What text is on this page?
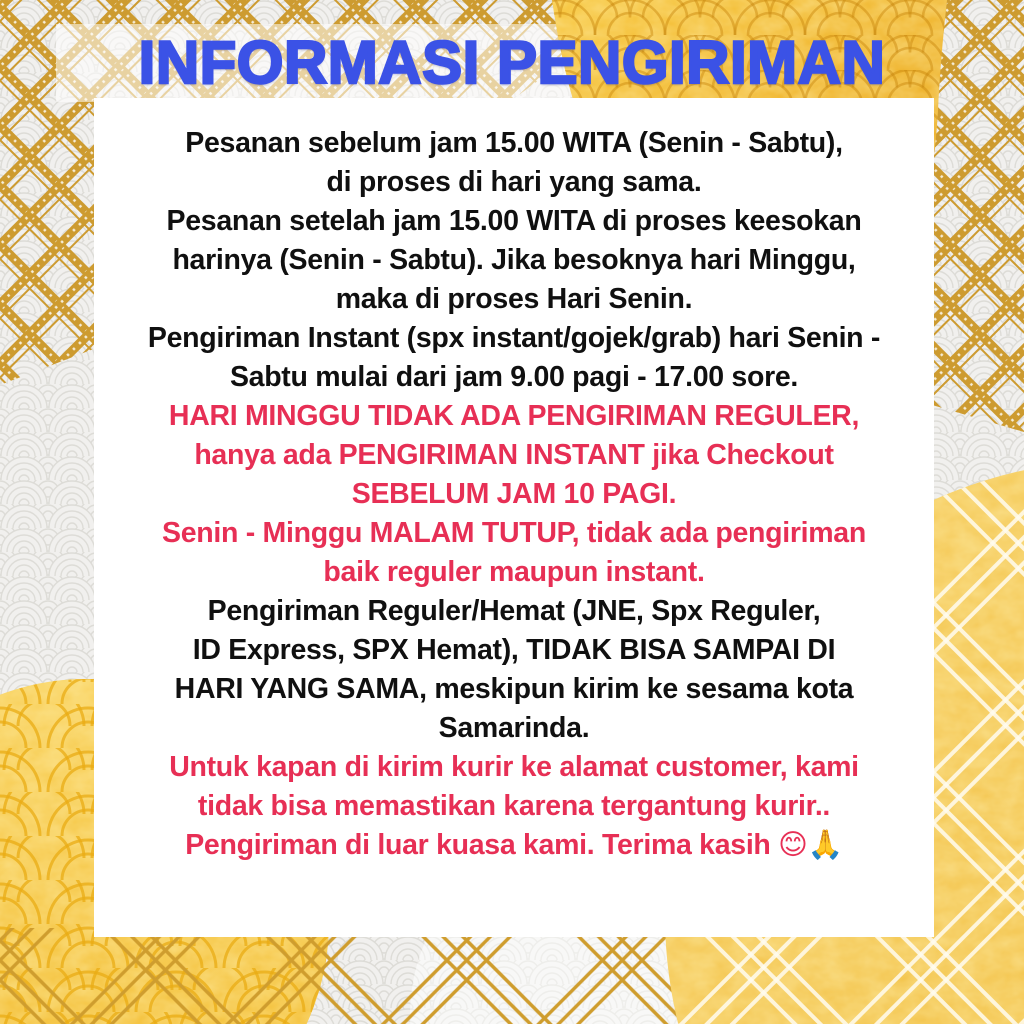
INFORMASI PENGIRIMAN

Pesanan sebelum jam 15.00 WITA (Senin - Sabtu),
di proses di hari yang sama.
Pesanan setelah jam 15.00 WITA di proses keesokan
harinya (Senin - Sabtu). Jika besoknya hari Minggu,
maka di proses Hari Senin.
Pengiriman Instant (spx instant/gojek/grab) hari Senin -
Sabtu mulai dari jam 9.00 pagi - 17.00 sore.

HARI MINGGU TIDAK ADA PENGIRIMAN REGULER,
hanya ada PENGIRIMAN INSTANT jika Checkout
SEBELUM JAM 10 PAGI.
Senin - Minggu MALAM TUTUP, tidak ada pengiriman
baik reguler maupun instant.

Pengiriman Reguler/Hemat (JNE, Spx Reguler,
ID Express, SPX Hemat), TIDAK BISA SAMPAI DI
HARI YANG SAMA, meskipun kirim ke sesama kota
Samarinda.

Untuk kapan di kirim kurir ke alamat customer, kami
tidak bisa memastikan karena tergantung kurir..
Pengiriman di luar kuasa kami. Terima kasih 😊🙏
